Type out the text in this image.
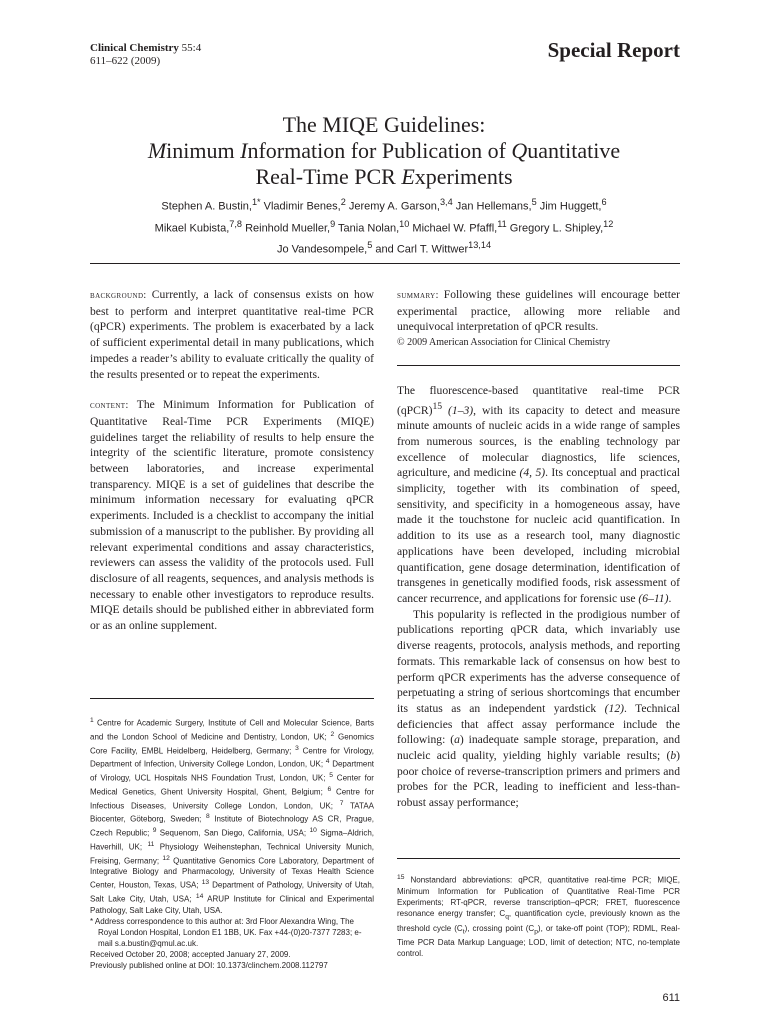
Clinical Chemistry 55:4
611–622 (2009)	Special Report
The MIQE Guidelines:
Minimum Information for Publication of Quantitative
Real-Time PCR Experiments
Stephen A. Bustin,$^{1*}$ Vladimir Benes,$^2$ Jeremy A. Garson,$^{3,4}$ Jan Hellemans,$^5$ Jim Huggett,$^6$
Mikael Kubista,$^{7,8}$ Reinhold Mueller,$^9$ Tania Nolan,$^{10}$ Michael W. Pfaffl,$^{11}$ Gregory L. Shipley,$^{12}$
Jo Vandesompele,$^5$ and Carl T. Wittwer$^{13,14}$

background: Currently, a lack of consensus exists on how best to perform and interpret quantitative real-time PCR (qPCR) experiments. The problem is exacerbated by a lack of sufficient experimental detail in many publications, which impedes a reader’s ability to evaluate critically the quality of the results presented or to repeat the experiments.

content: The Minimum Information for Publication of Quantitative Real-Time PCR Experiments (MIQE) guidelines target the reliability of results to help ensure the integrity of the scientific literature, promote consistency between laboratories, and increase experimental transparency. MIQE is a set of guidelines that describe the minimum information necessary for evaluating qPCR experiments. Included is a checklist to accompany the initial submission of a manuscript to the publisher. By providing all relevant experimental conditions and assay characteristics, reviewers can assess the validity of the protocols used. Full disclosure of all reagents, sequences, and analysis methods is necessary to enable other investigators to reproduce results. MIQE details should be published either in abbreviated form or as an online supplement.

summary: Following these guidelines will encourage better experimental practice, allowing more reliable and unequivocal interpretation of qPCR results.

© 2009 American Association for Clinical Chemistry

The fluorescence-based quantitative real-time PCR (qPCR)$^{15}$ (1–3), with its capacity to detect and measure minute amounts of nucleic acids in a wide range of samples from numerous sources, is the enabling technology par excellence of molecular diagnostics, life sciences, agriculture, and medicine (4, 5). Its conceptual and practical simplicity, together with its combination of speed, sensitivity, and specificity in a homogeneous assay, have made it the touchstone for nucleic acid quantification. In addition to its use as a research tool, many diagnostic applications have been developed, including microbial quantification, gene dosage determination, identification of transgenes in genetically modified foods, risk assessment of cancer recurrence, and applications for forensic use (6–11).

This popularity is reflected in the prodigious number of publications reporting qPCR data, which invariably use diverse reagents, protocols, analysis methods, and reporting formats. This remarkable lack of consensus on how best to perform qPCR experiments has the adverse consequence of perpetuating a string of serious shortcomings that encumber its status as an independent yardstick (12). Technical deficiencies that affect assay performance include the following: (a) inadequate sample storage, preparation, and nucleic acid quality, yielding highly variable results; (b) poor choice of reverse-transcription primers and primers and probes for the PCR, leading to inefficient and less-than-robust assay performance;

$^1$ Centre for Academic Surgery, Institute of Cell and Molecular Science, Barts and the London School of Medicine and Dentistry, London, UK; $^2$ Genomics Core Facility, EMBL Heidelberg, Heidelberg, Germany; $^3$ Centre for Virology, Department of Infection, University College London, London, UK; $^4$ Department of Virology, UCL Hospitals NHS Foundation Trust, London, UK; $^5$ Center for Medical Genetics, Ghent University Hospital, Ghent, Belgium; $^6$ Centre for Infectious Diseases, University College London, London, UK; $^7$ TATAA Biocenter, Göteborg, Sweden; $^8$ Institute of Biotechnology AS CR, Prague, Czech Republic; $^9$ Sequenom, San Diego, California, USA; $^{10}$ Sigma–Aldrich, Haverhill, UK; $^{11}$ Physiology Weihenstephan, Technical University Munich, Freising, Germany; $^{12}$ Quantitative Genomics Core Laboratory, Department of Integrative Biology and Pharmacology, University of Texas Health Science Center, Houston, Texas, USA; $^{13}$ Department of Pathology, University of Utah, Salt Lake City, Utah, USA; $^{14}$ ARUP Institute for Clinical and Experimental Pathology, Salt Lake City, Utah, USA.

* Address correspondence to this author at: 3rd Floor Alexandra Wing, The Royal London Hospital, London E1 1BB, UK. Fax +44-(0)20-7377 7283; e-mail s.a.bustin@qmul.ac.uk.

Received October 20, 2008; accepted January 27, 2009.

Previously published online at DOI: 10.1373/clinchem.2008.112797

$^{15}$ Nonstandard abbreviations: qPCR, quantitative real-time PCR; MIQE, Minimum Information for Publication of Quantitative Real-Time PCR Experiments; RT-qPCR, reverse transcription–qPCR; FRET, fluorescence resonance energy transfer; $C_q$, quantification cycle, previously known as the threshold cycle $(C_t)$, crossing point $(C_p)$, or take-off point (TOP); RDML, Real-Time PCR Data Markup Language; LOD, limit of detection; NTC, no-template control.

611
